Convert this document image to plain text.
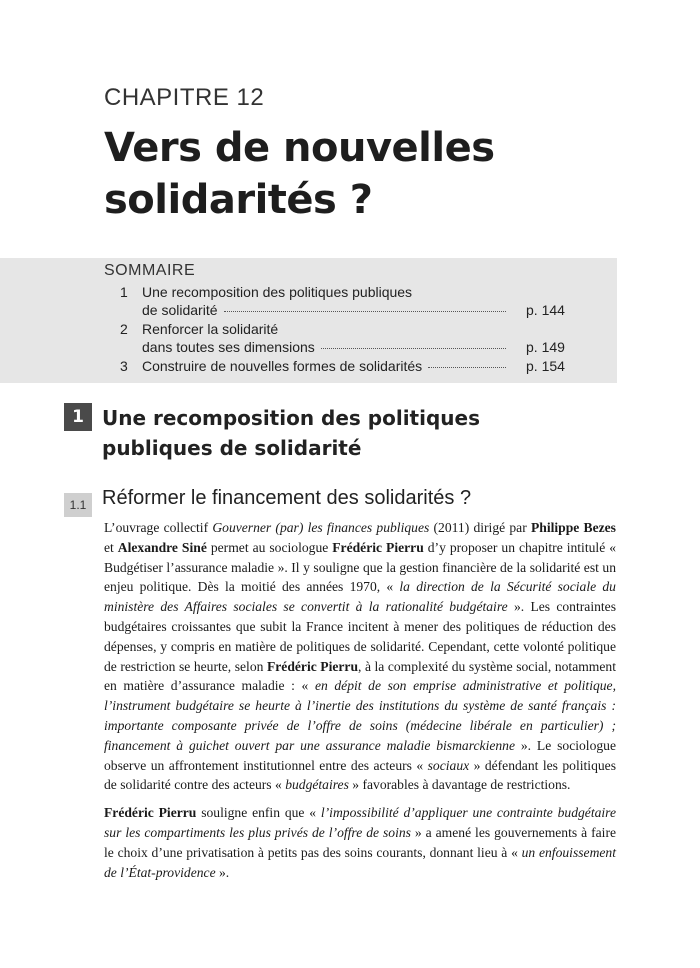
CHAPITRE 12
Vers de nouvelles
solidarités ?
SOMMAIRE
1	Une recomposition des politiques publiques
de solidarité	p. 144
2	Renforcer la solidarité
dans toutes ses dimensions	p. 149
3	Construire de nouvelles formes de solidarités	p. 154
1 Une recomposition des politiques
publiques de solidarité
1.1 Réformer le financement des solidarités ?

L’ouvrage collectif Gouverner (par) les finances publiques (2011) dirigé par Philippe Bezes et Alexandre Siné permet au sociologue Frédéric Pierru d’y proposer un chapitre intitulé « Budgétiser l’assurance maladie ». Il y souligne que la gestion financière de la solidarité est un enjeu politique. Dès la moitié des années 1970, « la direction de la Sécurité sociale du ministère des Affaires sociales se convertit à la rationalité budgétaire ». Les contraintes budgétaires croissantes que subit la France incitent à mener des politiques de réduction des dépenses, y compris en matière de politiques de solidarité. Cependant, cette volonté politique de restriction se heurte, selon Frédéric Pierru, à la complexité du système social, notamment en matière d’assurance maladie : « en dépit de son emprise administrative et politique, l’instrument budgétaire se heurte à l’inertie des institutions du système de santé français : importante composante privée de l’offre de soins (médecine libérale en particulier) ; financement à guichet ouvert par une assurance maladie bismarckienne ». Le sociologue observe un affrontement institutionnel entre des acteurs « sociaux » défendant les politiques de solidarité contre des acteurs « budgétaires » favorables à davantage de restrictions.

Frédéric Pierru souligne enfin que « l’impossibilité d’appliquer une contrainte budgétaire sur les compartiments les plus privés de l’offre de soins » a amené les gouvernements à faire le choix d’une privatisation à petits pas des soins courants, donnant lieu à « un enfouissement de l’État-providence ».
